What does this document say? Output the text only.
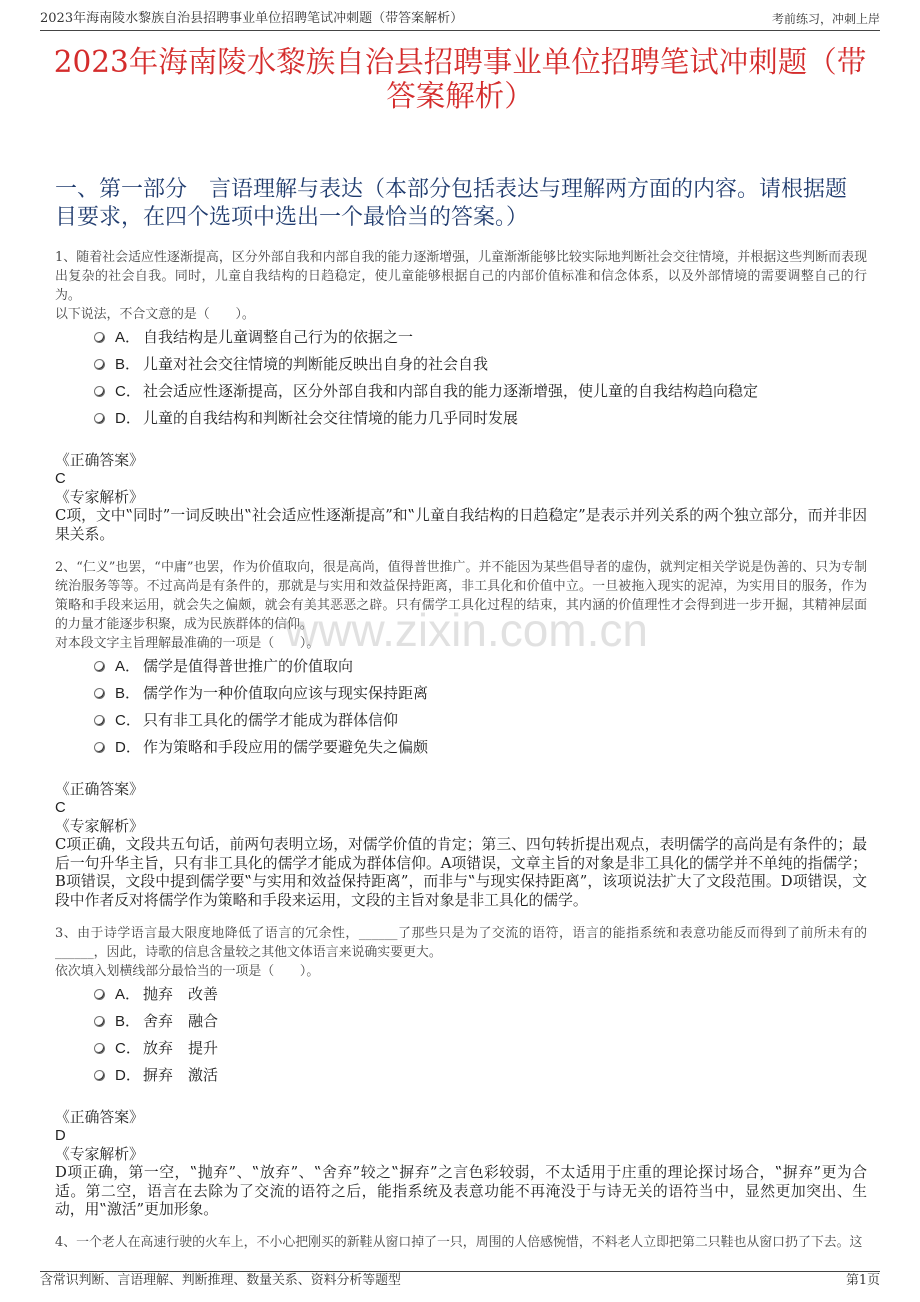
2023年海南陵水黎族自治县招聘事业单位招聘笔试冲刺题（带答案解析）	考前练习，冲刺上岸
2023年海南陵水黎族自治县招聘事业单位招聘笔试冲刺题（带答案解析）
一、第一部分　言语理解与表达（本部分包括表达与理解两方面的内容。请根据题目要求，在四个选项中选出一个最恰当的答案。）
www.zixin.com.cn

1、随着社会适应性逐渐提高，区分外部自我和内部自我的能力逐渐增强，儿童渐渐能够比较实际地判断社会交往情境，并根据这些判断而表现出复杂的社会自我。同时，儿童自我结构的日趋稳定，使儿童能够根据自己的内部价值标准和信念体系，以及外部情境的需要调整自己的行为。

以下说法，不合文意的是（　　）。

A． 自我结构是儿童调整自己行为的依据之一
B． 儿童对社会交往情境的判断能反映出自身的社会自我
C． 社会适应性逐渐提高，区分外部自我和内部自我的能力逐渐增强，使儿童的自我结构趋向稳定
D． 儿童的自我结构和判断社会交往情境的能力几乎同时发展
《正确答案》
C
《专家解析》

C项，文中‟同时”一词反映出‟社会适应性逐渐提高”和‟儿童自我结构的日趋稳定”是表示并列关系的两个独立部分，而并非因果关系。

2、“仁义”也罢，“中庸”也罢，作为价值取向，很是高尚，值得普世推广。并不能因为某些倡导者的虚伪，就判定相关学说是伪善的、只为专制统治服务等等。不过高尚是有条件的，那就是与实用和效益保持距离，非工具化和价值中立。一旦被拖入现实的泥淖，为实用目的服务，作为策略和手段来运用，就会失之偏颇，就会有美其恶恶之辟。只有儒学工具化过程的结束，其内涵的价值理性才会得到进一步开掘，其精神层面的力量才能逐步积聚，成为民族群体的信仰。

对本段文字主旨理解最准确的一项是（　　）。

A． 儒学是值得普世推广的价值取向
B． 儒学作为一种价值取向应该与现实保持距离
C． 只有非工具化的儒学才能成为群体信仰
D． 作为策略和手段应用的儒学要避免失之偏颇
《正确答案》
C
《专家解析》

C项正确，文段共五句话，前两句表明立场，对儒学价值的肯定；第三、四句转折提出观点，表明儒学的高尚是有条件的；最后一句升华主旨，只有非工具化的儒学才能成为群体信仰。A项错误，文章主旨的对象是非工具化的儒学并不单纯的指儒学；B项错误，文段中提到儒学要‟与实用和效益保持距离”，而非与‟与现实保持距离”，该项说法扩大了文段范围。D项错误，文段中作者反对将儒学作为策略和手段来运用，文段的主旨对象是非工具化的儒学。

3、由于诗学语言最大限度地降低了语言的冗余性，______了那些只是为了交流的语符，语言的能指系统和表意功能反而得到了前所未有的______，因此，诗歌的信息含量较之其他文体语言来说确实要更大。

依次填入划横线部分最恰当的一项是（　　）。

A． 抛弃　改善
B． 舍弃　融合
C． 放弃　提升
D． 摒弃　激活
《正确答案》
D
《专家解析》

D项正确，第一空，‟抛弃”、‟放弃”、‟舍弃”较之‟摒弃”之言色彩较弱，不太适用于庄重的理论探讨场合，‟摒弃”更为合适。第二空，语言在去除为了交流的语符之后，能指系统及表意功能不再淹没于与诗无关的语符当中，显然更加突出、生动，用‟激活”更加形象。

4、一个老人在高速行驶的火车上，不小心把刚买的新鞋从窗口掉了一只，周围的人倍感惋惜，不料老人立即把第二只鞋也从窗口扔了下去。这

含常识判断、言语理解、判断推理、数量关系、资料分析等题型	第1页
